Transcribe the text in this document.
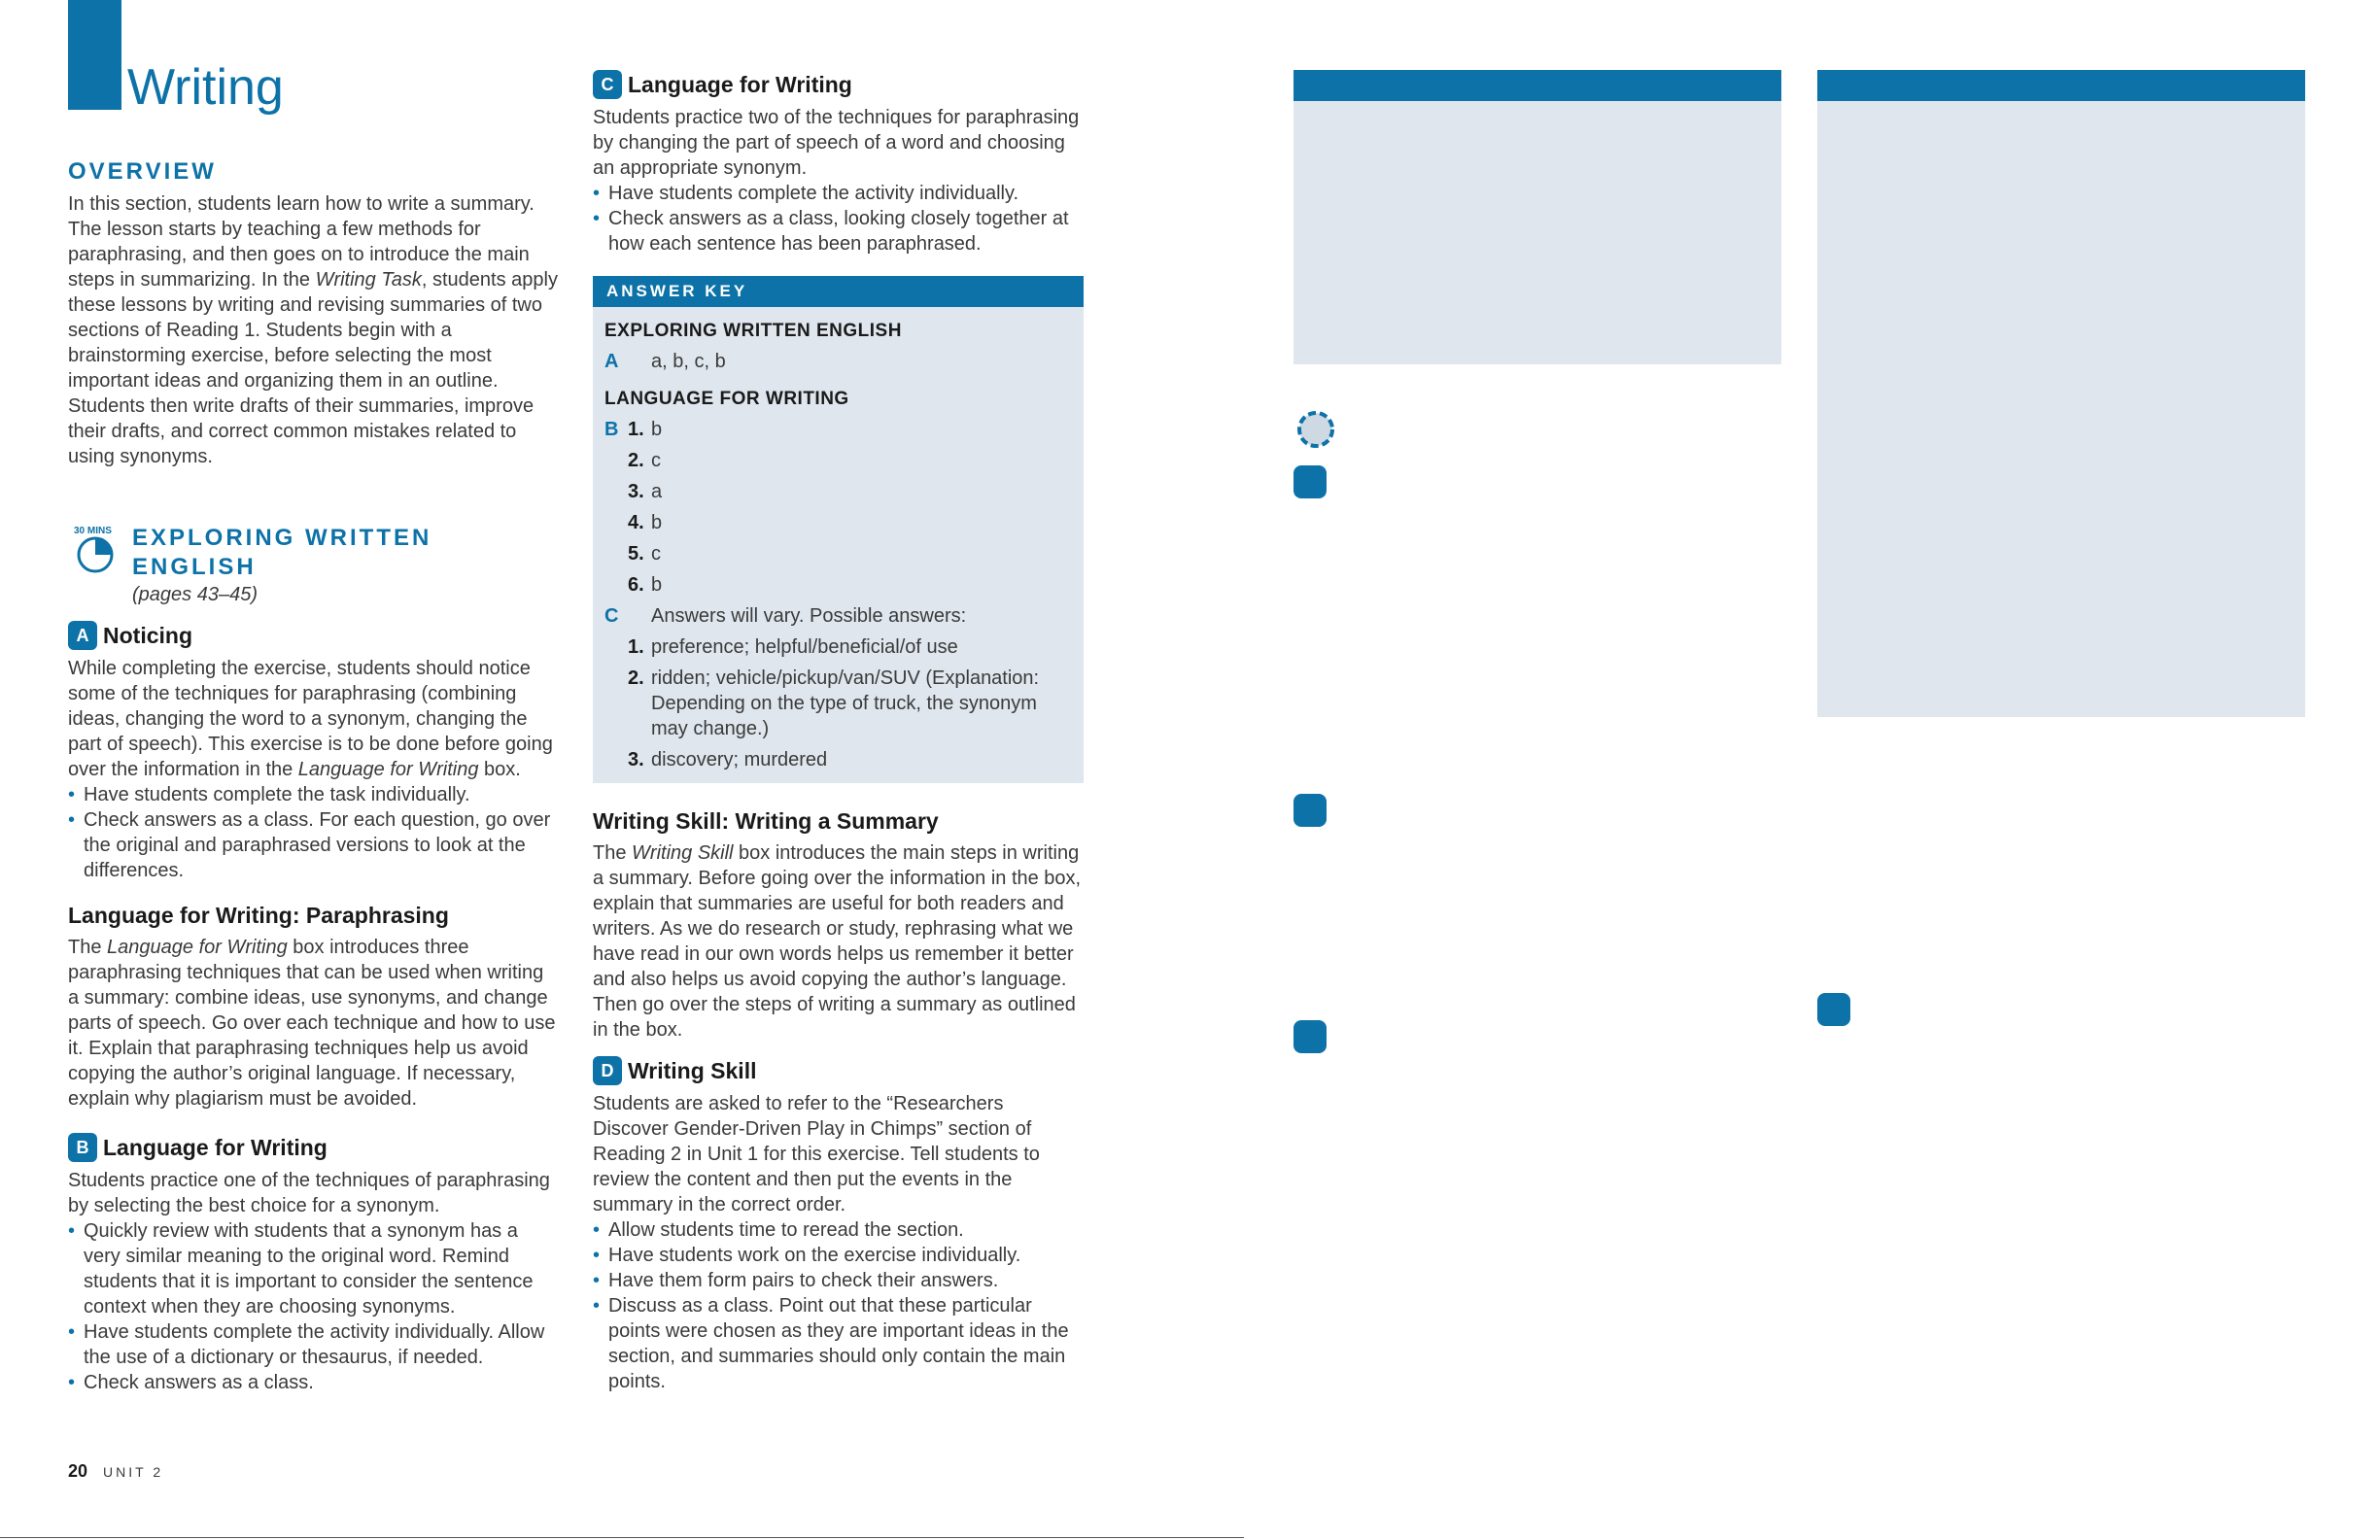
Writing

OVERVIEW

In this section, students learn how to write a summary. The lesson starts by teaching a few methods for paraphrasing, and then goes on to introduce the main steps in summarizing. In the Writing Task, students apply these lessons by writing and revising summaries of two sections of Reading 1. Students begin with a brainstorming exercise, before selecting the most important ideas and organizing them in an outline. Students then write drafts of their summaries, improve their drafts, and correct common mistakes related to using synonyms.

30 MINS EXPLORING WRITTEN ENGLISH

(pages 43–45)

A Noticing

While completing the exercise, students should notice some of the techniques for paraphrasing (combining ideas, changing the word to a synonym, changing the part of speech). This exercise is to be done before going over the information in the Language for Writing box.

• Have students complete the task individually.
• Check answers as a class. For each question, go over the original and paraphrased versions to look at the differences.

Language for Writing: Paraphrasing

The Language for Writing box introduces three paraphrasing techniques that can be used when writing a summary: combine ideas, use synonyms, and change parts of speech. Go over each technique and how to use it. Explain that paraphrasing techniques help us avoid copying the author’s original language. If necessary, explain why plagiarism must be avoided.

B Language for Writing

Students practice one of the techniques of paraphrasing by selecting the best choice for a synonym.

• Quickly review with students that a synonym has a very similar meaning to the original word. Remind students that it is important to consider the sentence context when they are choosing synonyms.
• Have students complete the activity individually. Allow the use of a dictionary or thesaurus, if needed.
• Check answers as a class.
C Language for Writing

Students practice two of the techniques for paraphrasing by changing the part of speech of a word and choosing an appropriate synonym.

• Have students complete the activity individually.
• Check answers as a class, looking closely together at how each sentence has been paraphrased.
ANSWER KEY
EXPLORING WRITTEN ENGLISH
A	a, b, c, b
LANGUAGE FOR WRITING
B 1. b
2. c
3. a
4. b
5. c
6. b
C	Answers will vary. Possible answers:
1. preference; helpful/beneficial/of use
2. ridden; vehicle/pickup/van/SUV (Explanation: Depending on the type of truck, the synonym may change.)
3. discovery; murdered

Writing Skill: Writing a Summary

The Writing Skill box introduces the main steps in writing a summary. Before going over the information in the box, explain that summaries are useful for both readers and writers. As we do research or study, rephrasing what we have read in our own words helps us remember it better and also helps us avoid copying the author’s language. Then go over the steps of writing a summary as outlined in the box.

D Writing Skill

Students are asked to refer to the “Researchers Discover Gender-Driven Play in Chimps” section of Reading 2 in Unit 1 for this exercise. Tell students to review the content and then put the events in the summary in the correct order.

• Allow students time to reread the section.
• Have students work on the exercise individually.
• Have them form pairs to check their answers.
• Discuss as a class. Point out that these particular points were chosen as they are important ideas in the section, and summaries should only contain the main points.
20 UNIT 2
